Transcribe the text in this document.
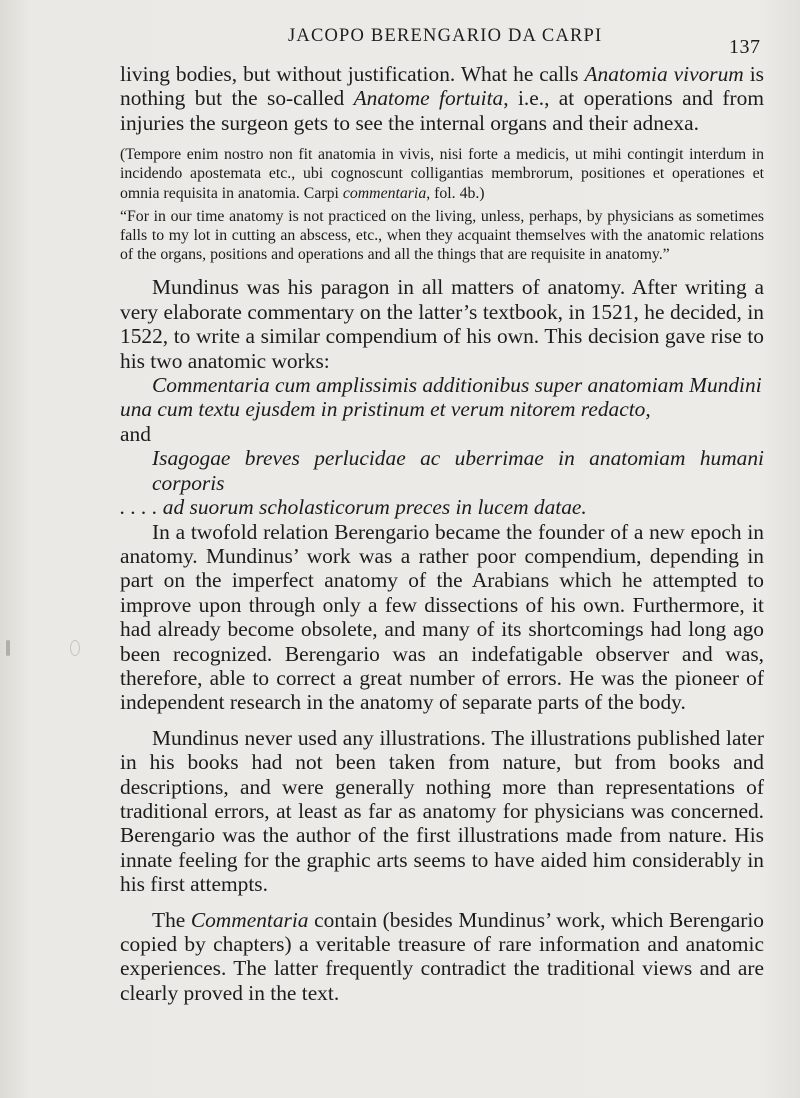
JACOPO BERENGARIO DA CARPI	137

living bodies, but without justification. What he calls Anatomia vivorum is nothing but the so-called Anatome fortuita, i.e., at operations and from injuries the surgeon gets to see the internal organs and their adnexa.

(Tempore enim nostro non fit anatomia in vivis, nisi forte a medicis, ut mihi contingit interdum in incidendo apostemata etc., ubi cognoscunt colligantias membrorum, positiones et operationes et omnia requisita in anatomia. Carpi commentaria, fol. 4b.)

“For in our time anatomy is not practiced on the living, unless, perhaps, by physicians as sometimes falls to my lot in cutting an abscess, etc., when they acquaint themselves with the anatomic relations of the organs, positions and operations and all the things that are requisite in anatomy.”

Mundinus was his paragon in all matters of anatomy. After writing a very elaborate commentary on the latter’s textbook, in 1521, he decided, in 1522, to write a similar compendium of his own. This decision gave rise to his two anatomic works:

Commentaria cum amplissimis additionibus super anatomiam Mundini
una cum textu ejusdem in pristinum et verum nitorem redacto,

and

Isagogae breves perlucidae ac uberrimae in anatomiam humani corporis
. . . . ad suorum scholasticorum preces in lucem datae.

In a twofold relation Berengario became the founder of a new epoch in anatomy. Mundinus’ work was a rather poor compendium, depending in part on the imperfect anatomy of the Arabians which he attempted to improve upon through only a few dissections of his own. Furthermore, it had already become obsolete, and many of its shortcomings had long ago been recognized. Berengario was an indefatigable observer and was, therefore, able to correct a great number of errors. He was the pioneer of independent research in the anatomy of separate parts of the body.

Mundinus never used any illustrations. The illustrations published later in his books had not been taken from nature, but from books and descriptions, and were generally nothing more than representations of traditional errors, at least as far as anatomy for physicians was concerned. Berengario was the author of the first illustrations made from nature. His innate feeling for the graphic arts seems to have aided him considerably in his first attempts.

The Commentaria contain (besides Mundinus’ work, which Berengario copied by chapters) a veritable treasure of rare information and anatomic experiences. The latter frequently contradict the traditional views and are clearly proved in the text.
